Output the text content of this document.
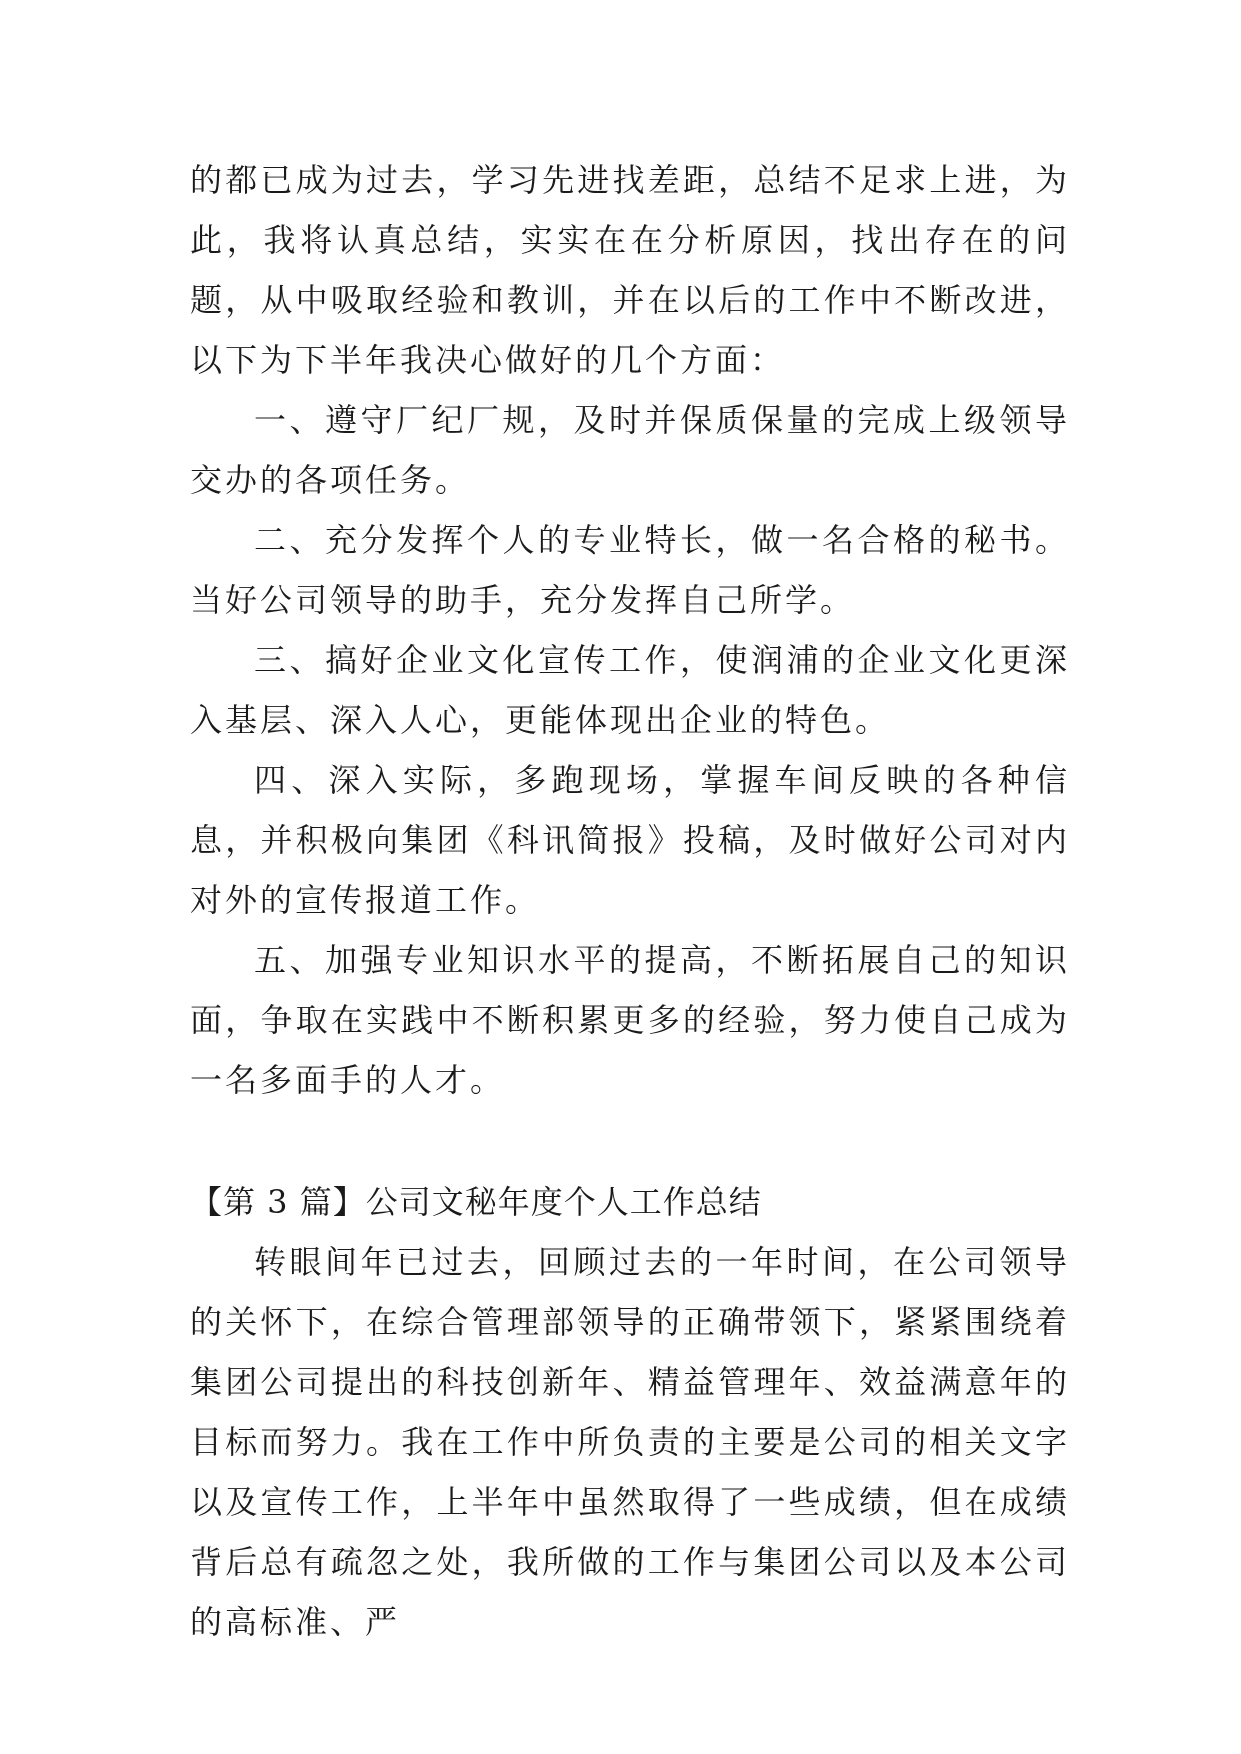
的都已成为过去，学习先进找差距，总结不足求上进，为此，我将认真总结，实实在在分析原因，找出存在的问题，从中吸取经验和教训，并在以后的工作中不断改进，以下为下半年我决心做好的几个方面：

一、遵守厂纪厂规，及时并保质保量的完成上级领导交办的各项任务。

二、充分发挥个人的专业特长，做一名合格的秘书。当好公司领导的助手，充分发挥自己所学。

三、搞好企业文化宣传工作，使润浦的企业文化更深入基层、深入人心，更能体现出企业的特色。

四、深入实际，多跑现场，掌握车间反映的各种信息，并积极向集团《科讯简报》投稿，及时做好公司对内对外的宣传报道工作。

五、加强专业知识水平的提高，不断拓展自己的知识面，争取在实践中不断积累更多的经验，努力使自己成为一名多面手的人才。

【第 3 篇】公司文秘年度个人工作总结

转眼间年已过去，回顾过去的一年时间，在公司领导的关怀下，在综合管理部领导的正确带领下，紧紧围绕着集团公司提出的科技创新年、精益管理年、效益满意年的目标而努力。我在工作中所负责的主要是公司的相关文字以及宣传工作，上半年中虽然取得了一些成绩，但在成绩背后总有疏忽之处，我所做的工作与集团公司以及本公司的高标准、严
